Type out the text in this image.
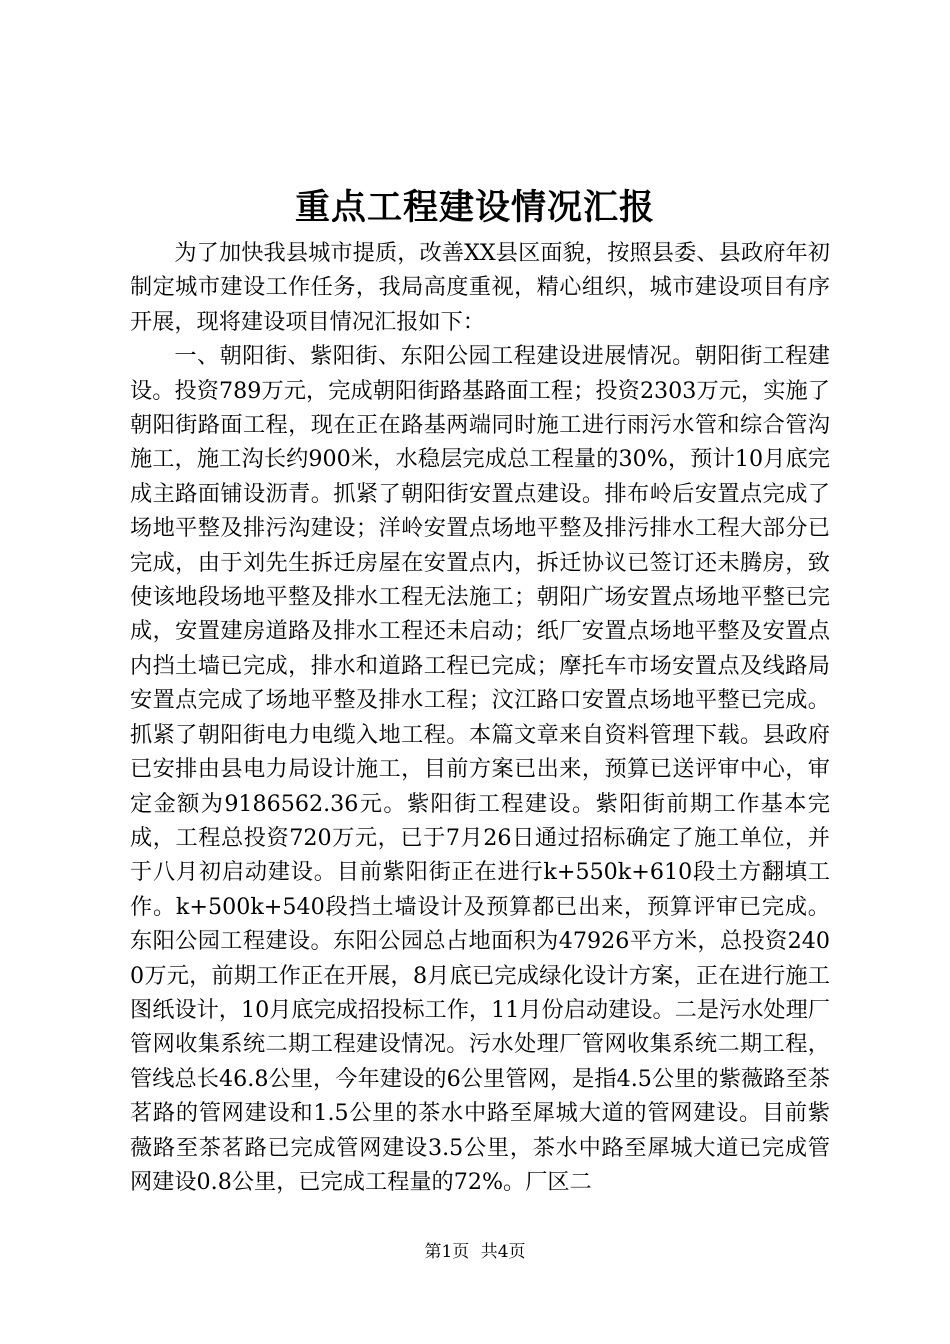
重点工程建设情况汇报

为了加快我县城市提质，改善XX县区面貌，按照县委、县政府年初制定城市建设工作任务，我局高度重视，精心组织，城市建设项目有序开展，现将建设项目情况汇报如下：

一、朝阳街、紫阳街、东阳公园工程建设进展情况。朝阳街工程建设。投资789万元，完成朝阳街路基路面工程；投资2303万元，实施了朝阳街路面工程，现在正在路基两端同时施工进行雨污水管和综合管沟施工，施工沟长约900米，水稳层完成总工程量的30%，预计10月底完成主路面铺设沥青。抓紧了朝阳街安置点建设。排布岭后安置点完成了场地平整及排污沟建设；洋岭安置点场地平整及排污排水工程大部分已完成，由于刘先生拆迁房屋在安置点内，拆迁协议已签订还未腾房，致使该地段场地平整及排水工程无法施工；朝阳广场安置点场地平整已完成，安置建房道路及排水工程还未启动；纸厂安置点场地平整及安置点内挡土墙已完成，排水和道路工程已完成；摩托车市场安置点及线路局安置点完成了场地平整及排水工程；汶江路口安置点场地平整已完成。抓紧了朝阳街电力电缆入地工程。本篇文章来自资料管理下载。县政府已安排由县电力局设计施工，目前方案已出来，预算已送评审中心，审定金额为9186562.36元。紫阳街工程建设。紫阳街前期工作基本完成，工程总投资720万元，已于7月26日通过招标确定了施工单位，并于八月初启动建设。目前紫阳街正在进行k+550k+610段土方翻填工作。k+500k+540段挡土墙设计及预算都已出来，预算评审已完成。东阳公园工程建设。东阳公园总占地面积为47926平方米，总投资2400万元，前期工作正在开展，8月底已完成绿化设计方案，正在进行施工图纸设计，10月底完成招投标工作，11月份启动建设。二是污水处理厂管网收集系统二期工程建设情况。污水处理厂管网收集系统二期工程，管线总长46.8公里，今年建设的6公里管网，是指4.5公里的紫薇路至茶茗路的管网建设和1.5公里的茶水中路至犀城大道的管网建设。目前紫薇路至茶茗路已完成管网建设3.5公里，茶水中路至犀城大道已完成管网建设0.8公里，已完成工程量的72%。厂区二

第1页 共4页
